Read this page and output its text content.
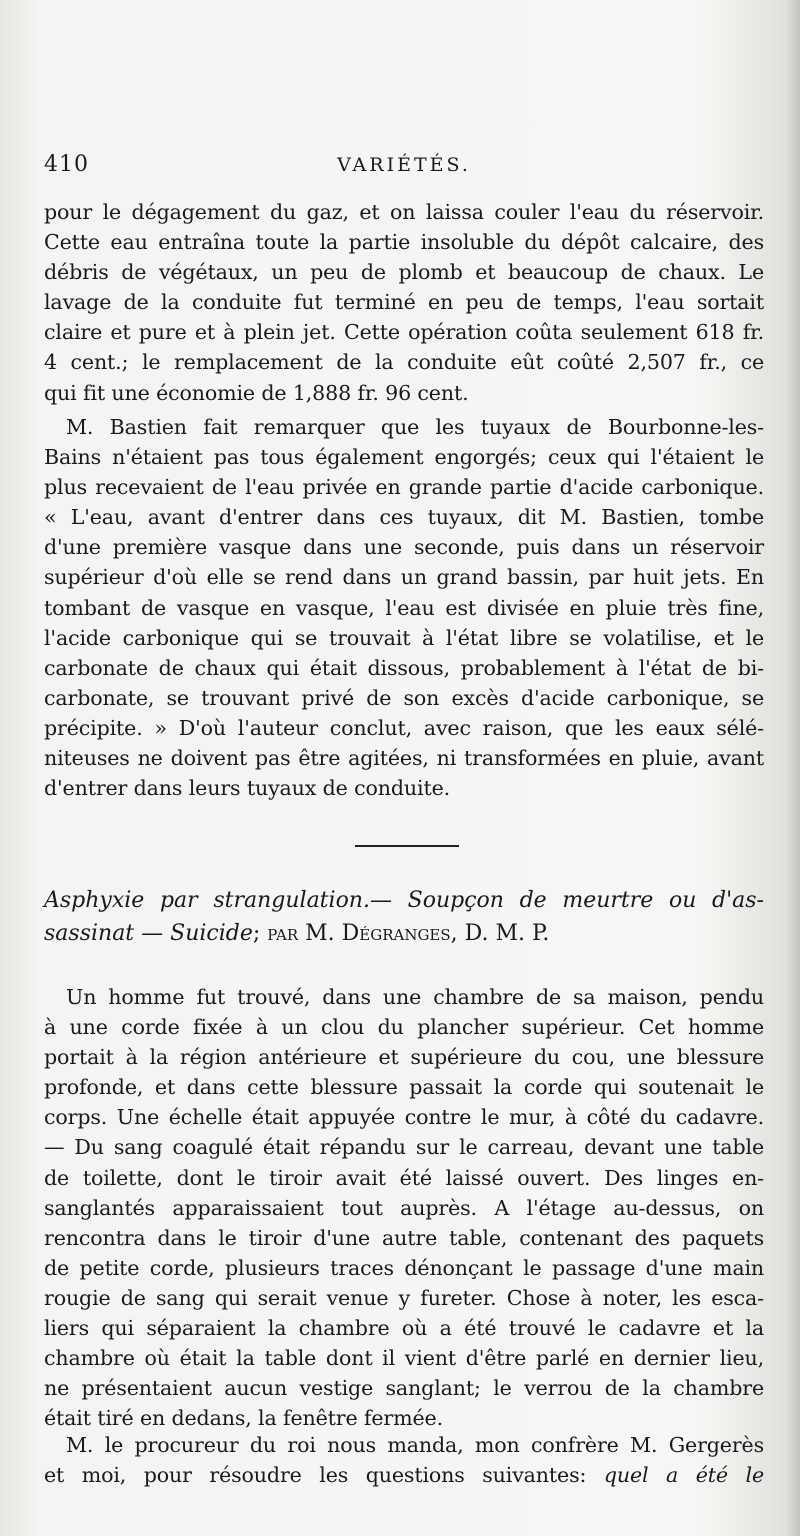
410	VARIÉTÉS.
pour le dégagement du gaz, et on laissa couler l'eau du réservoir.
Cette eau entraîna toute la partie insoluble du dépôt calcaire, des
débris de végétaux, un peu de plomb et beaucoup de chaux. Le
lavage de la conduite fut terminé en peu de temps, l'eau sortait
claire et pure et à plein jet. Cette opération coûta seulement 618 fr.
4 cent.; le remplacement de la conduite eût coûté 2,507 fr., ce
qui fit une économie de 1,888 fr. 96 cent.
M. Bastien fait remarquer que les tuyaux de Bourbonne-les-
Bains n'étaient pas tous également engorgés; ceux qui l'étaient le
plus recevaient de l'eau privée en grande partie d'acide carbonique.
« L'eau, avant d'entrer dans ces tuyaux, dit M. Bastien, tombe
d'une première vasque dans une seconde, puis dans un réservoir
supérieur d'où elle se rend dans un grand bassin, par huit jets. En
tombant de vasque en vasque, l'eau est divisée en pluie très fine,
l'acide carbonique qui se trouvait à l'état libre se volatilise, et le
carbonate de chaux qui était dissous, probablement à l'état de bi-
carbonate, se trouvant privé de son excès d'acide carbonique, se
précipite. » D'où l'auteur conclut, avec raison, que les eaux sélé-
niteuses ne doivent pas être agitées, ni transformées en pluie, avant
d'entrer dans leurs tuyaux de conduite.
Asphyxie par strangulation.— Soupçon de meurtre ou d'as-
sassinat — Suicide; par M. Dégranges, D. M. P.
Un homme fut trouvé, dans une chambre de sa maison, pendu
à une corde fixée à un clou du plancher supérieur. Cet homme
portait à la région antérieure et supérieure du cou, une blessure
profonde, et dans cette blessure passait la corde qui soutenait le
corps. Une échelle était appuyée contre le mur, à côté du cadavre.
— Du sang coagulé était répandu sur le carreau, devant une table
de toilette, dont le tiroir avait été laissé ouvert. Des linges en-
sanglantés apparaissaient tout auprès. A l'étage au-dessus, on
rencontra dans le tiroir d'une autre table, contenant des paquets
de petite corde, plusieurs traces dénonçant le passage d'une main
rougie de sang qui serait venue y fureter. Chose à noter, les esca-
liers qui séparaient la chambre où a été trouvé le cadavre et la
chambre où était la table dont il vient d'être parlé en dernier lieu,
ne présentaient aucun vestige sanglant; le verrou de la chambre
était tiré en dedans, la fenêtre fermée.
M. le procureur du roi nous manda, mon confrère M. Gergerès
et moi, pour résoudre les questions suivantes: quel a été le
